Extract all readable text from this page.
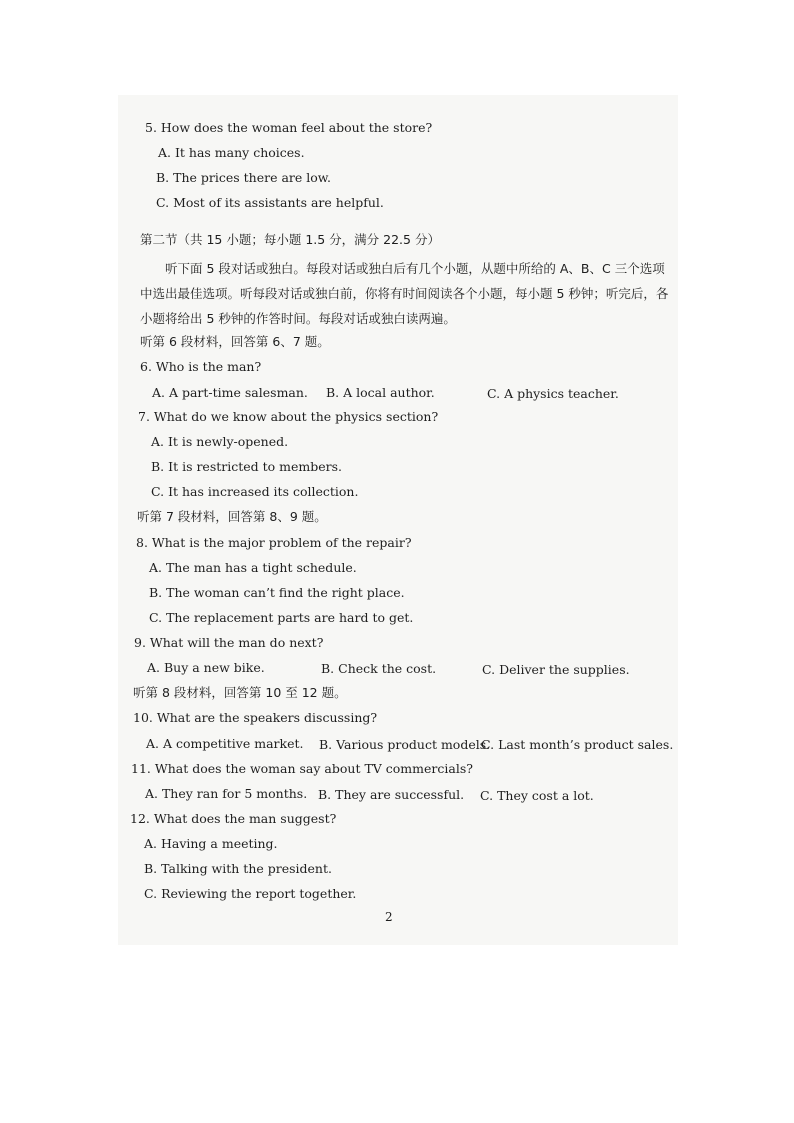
5. How does the woman feel about the store?
A. It has many choices.
B. The prices there are low.
C. Most of its assistants are helpful.
第二节（共 15 小题；每小题 1.5 分，满分 22.5 分）
听下面 5 段对话或独白。每段对话或独白后有几个小题，从题中所给的 A、B、C 三个选项中选出最佳选项。听每段对话或独白前，你将有时间阅读各个小题，每小题 5 秒钟；听完后，各小题将给出 5 秒钟的作答时间。每段对话或独白读两遍。
听第 6 段材料，回答第 6、7 题。
6. Who is the man?
A. A part-time salesman. B. A local author.	C. A physics teacher.
7. What do we know about the physics section?
A. It is newly-opened.
B. It is restricted to members.
C. It has increased its collection.
听第 7 段材料，回答第 8、9 题。
8. What is the major problem of the repair?
A. The man has a tight schedule.
B. The woman can’t find the right place.
C. The replacement parts are hard to get.
9. What will the man do next?
A. Buy a new bike.	B. Check the cost.	C. Deliver the supplies.
听第 8 段材料，回答第 10 至 12 题。
10. What are the speakers discussing?
A. A competitive market. B. Various product models.
C. Last month’s product sales.
11. What does the woman say about TV commercials?
A. They ran for 5 months. B. They are successful. C. They cost a lot.
12. What does the man suggest?
A. Having a meeting.
B. Talking with the president.
C. Reviewing the report together.
2
